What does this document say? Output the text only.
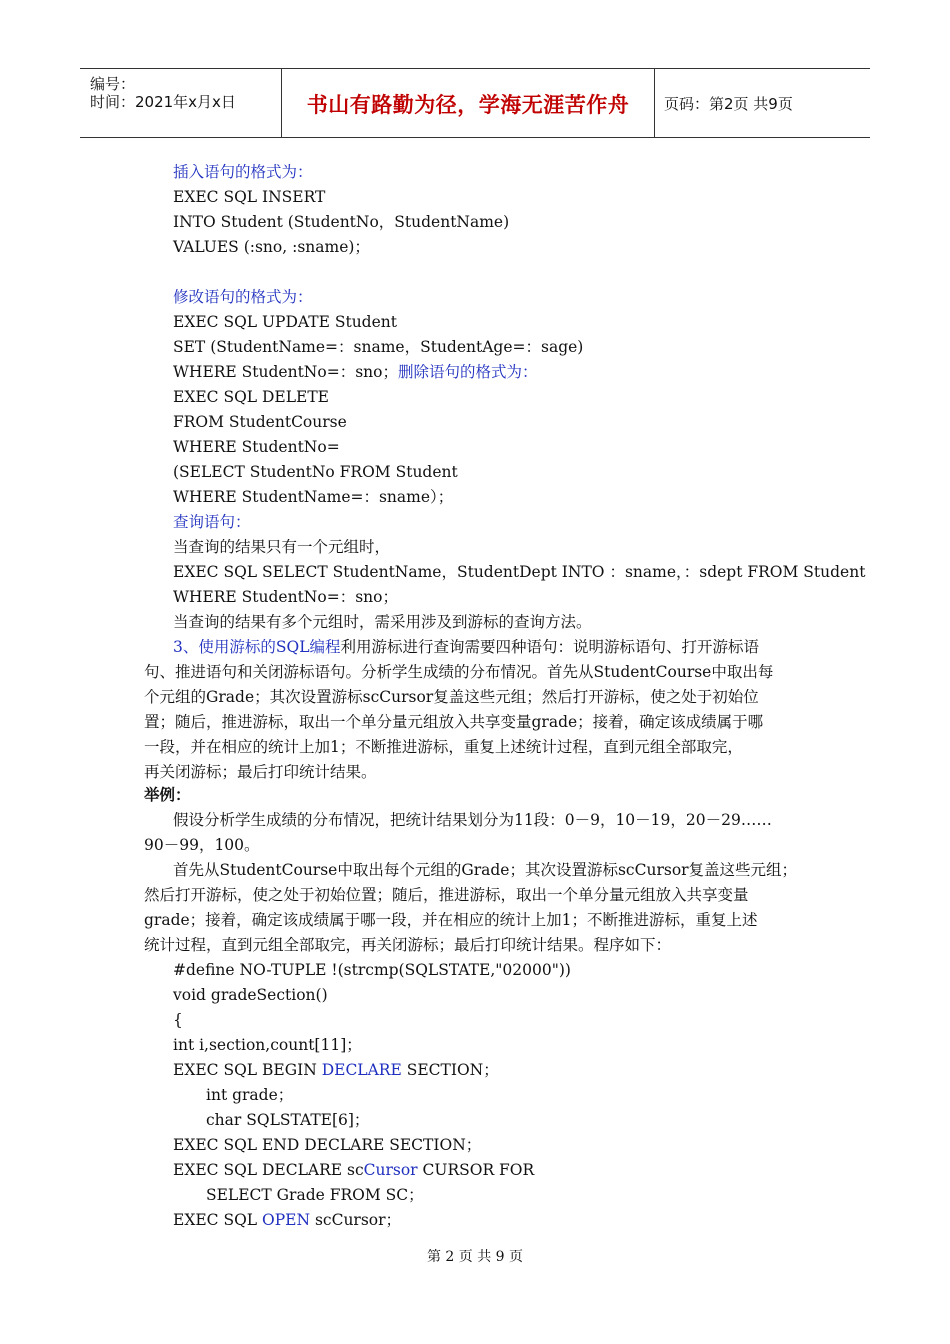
编号：
时间：2021年x月x日	书山有路勤为径，学海无涯苦作舟	页码：第2页 共9页
插入语句的格式为：
EXEC SQL INSERT
INTO Student (StudentNo，StudentName)
VALUES (:sno, :sname)；
修改语句的格式为：
EXEC SQL UPDATE Student
SET (StudentName=：sname，StudentAge=：sage)
WHERE StudentNo=：sno；删除语句的格式为：
EXEC SQL DELETE
FROM StudentCourse
WHERE StudentNo=
(SELECT StudentNo FROM Student
WHERE StudentName=：sname）；
查询语句：
当查询的结果只有一个元组时，
EXEC SQL SELECT StudentName，StudentDept INTO ：sname，：sdept FROM Student
WHERE StudentNo=：sno；
当查询的结果有多个元组时，需采用涉及到游标的查询方法。
3、使用游标的SQL编程利用游标进行查询需要四种语句：说明游标语句、打开游标语
句、推进语句和关闭游标语句。分析学生成绩的分布情况。首先从StudentCourse中取出每
个元组的Grade；其次设置游标scCursor复盖这些元组；然后打开游标，使之处于初始位
置；随后，推进游标，取出一个单分量元组放入共享变量grade；接着，确定该成绩属于哪
一段，并在相应的统计上加1；不断推进游标，重复上述统计过程，直到元组全部取完，
再关闭游标；最后打印统计结果。
举例：
假设分析学生成绩的分布情况，把统计结果划分为11段：0－9，10－19，20－29……
90－99，100。
首先从StudentCourse中取出每个元组的Grade；其次设置游标scCursor复盖这些元组；
然后打开游标，使之处于初始位置；随后，推进游标，取出一个单分量元组放入共享变量
grade；接着，确定该成绩属于哪一段，并在相应的统计上加1；不断推进游标，重复上述
统计过程，直到元组全部取完，再关闭游标；最后打印统计结果。程序如下：
#define NO-TUPLE !(strcmp(SQLSTATE,"02000"))
void gradeSection()
{
int i,section,count[11]；
EXEC SQL BEGIN DECLARE SECTION；
int grade；
char SQLSTATE[6]；
EXEC SQL END DECLARE SECTION；
EXEC SQL DECLARE scCursor CURSOR FOR
SELECT Grade FROM SC；
EXEC SQL OPEN scCursor；
第 2 页 共 9 页
